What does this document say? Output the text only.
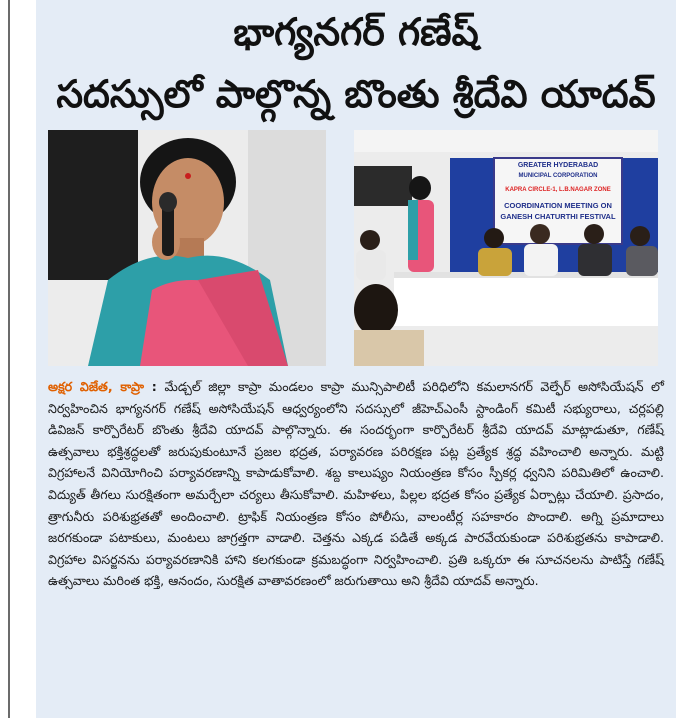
భాగ్యనగర్ గణేష్
సదస్సులో పాల్గొన్న బొంతు శ్రీదేవి యాదవ్
GREATER HYDERABAD
MUNICIPAL CORPORATION
KAPRA CIRCLE-1, L.B.NAGAR ZONE
COORDINATION MEETING ON
GANESH CHATURTHI FESTIVAL
అక్షర విజేత, కాప్రా : మేడ్చల్ జిల్లా కాప్రా మండలం కాప్రా మున్సిపాలిటీ పరిధిలోని కమలానగర్ వెల్ఫేర్ అసోసియేషన్ లో నిర్వహించిన భాగ్యనగర్ గణేష్ అసోసియేషన్ ఆధ్వర్యంలోని సదస్సులో జీహెచ్‌ఎంసీ స్టాండింగ్ కమిటీ సభ్యురాలు, చర్లపల్లి డివిజన్ కార్పొరేటర్ బొంతు శ్రీదేవి యాదవ్ పాల్గొన్నారు. ఈ సందర్భంగా కార్పొరేటర్ శ్రీదేవి యాదవ్ మాట్లాడుతూ, గణేష్ ఉత్సవాలు భక్తిశ్రద్ధలతో జరుపుకుంటూనే ప్రజల భద్రత, పర్యావరణ పరిరక్షణ పట్ల ప్రత్యేక శ్రద్ధ వహించాలి అన్నారు. మట్టి విగ్రహాలనే వినియోగించి పర్యావరణాన్ని కాపాడుకోవాలి. శబ్ద కాలుష్యం నియంత్రణ కోసం స్పీకర్ల ధ్వనిని పరిమితిలో ఉంచాలి. విద్యుత్ తీగలు సురక్షితంగా అమర్చేలా చర్యలు తీసుకోవాలి. మహిళలు, పిల్లల భద్రత కోసం ప్రత్యేక ఏర్పాట్లు చేయాలి. ప్రసాదం, త్రాగునీరు పరిశుభ్రతతో అందించాలి. ట్రాఫిక్ నియంత్రణ కోసం పోలీసు, వాలంటీర్ల సహకారం పొందాలి. అగ్ని ప్రమాదాలు జరగకుండా పటాకులు, మంటలు జాగ్రత్తగా వాడాలి. చెత్తను ఎక్కడ పడితే అక్కడ పారవేయకుండా పరిశుభ్రతను కాపాడాలి. విగ్రహాల విసర్జనను పర్యావరణానికి హాని కలగకుండా క్రమబద్ధంగా నిర్వహించాలి. ప్రతి ఒక్కరూ ఈ సూచనలను పాటిస్తే గణేష్ ఉత్సవాలు మరింత భక్తి, ఆనందం, సురక్షిత వాతావరణంలో జరుగుతాయి అని శ్రీదేవి యాదవ్ అన్నారు.
